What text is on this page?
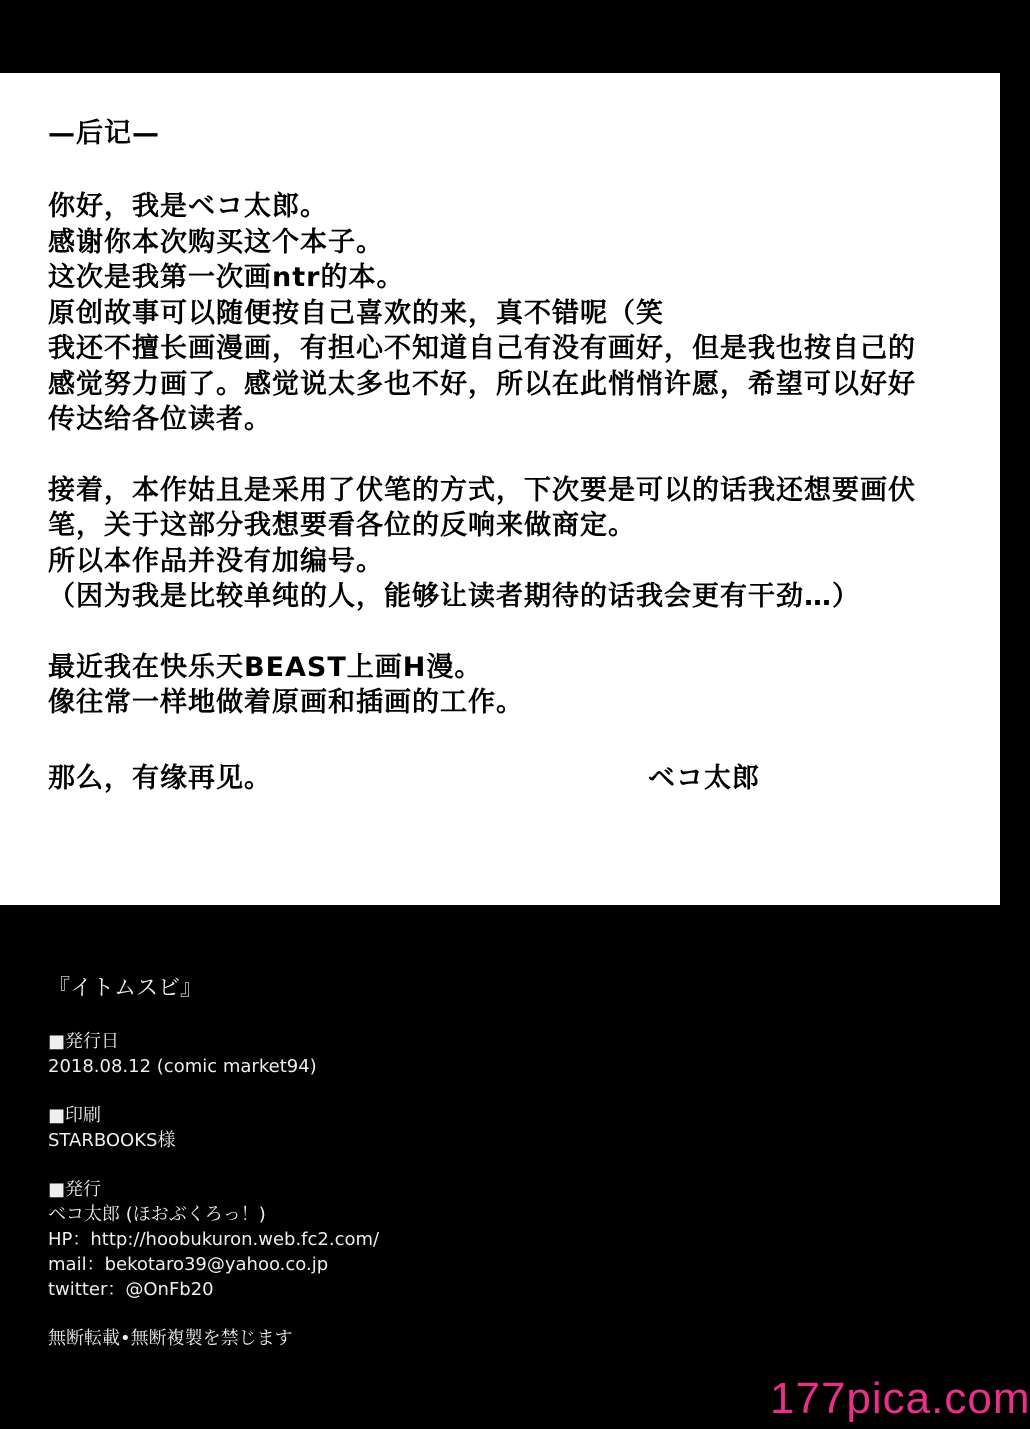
—后记—
你好，我是ベコ太郎。
感谢你本次购买这个本子。
这次是我第一次画ntr的本。
原创故事可以随便按自己喜欢的来，真不错呢（笑
我还不擅长画漫画，有担心不知道自己有没有画好，但是我也按自己的
感觉努力画了。感觉说太多也不好，所以在此悄悄许愿，希望可以好好
传达给各位读者。
接着，本作姑且是采用了伏笔的方式，下次要是可以的话我还想要画伏
笔，关于这部分我想要看各位的反响来做商定。
所以本作品并没有加编号。
（因为我是比较单纯的人，能够让读者期待的话我会更有干劲…）
最近我在快乐天BEAST上画H漫。
像往常一样地做着原画和插画的工作。
那么，有缘再见。	ベコ太郎
『イトムスビ』
■発行日
2018.08.12 (comic market94)
■印刷
STARBOOKS様
■発行
ベコ太郎 (ほおぶくろっ！)
HP：http://hoobukuron.web.fc2.com/
mail：bekotaro39@yahoo.co.jp
twitter：@OnFb20
無断転載•無断複製を禁じます
177pica.com
